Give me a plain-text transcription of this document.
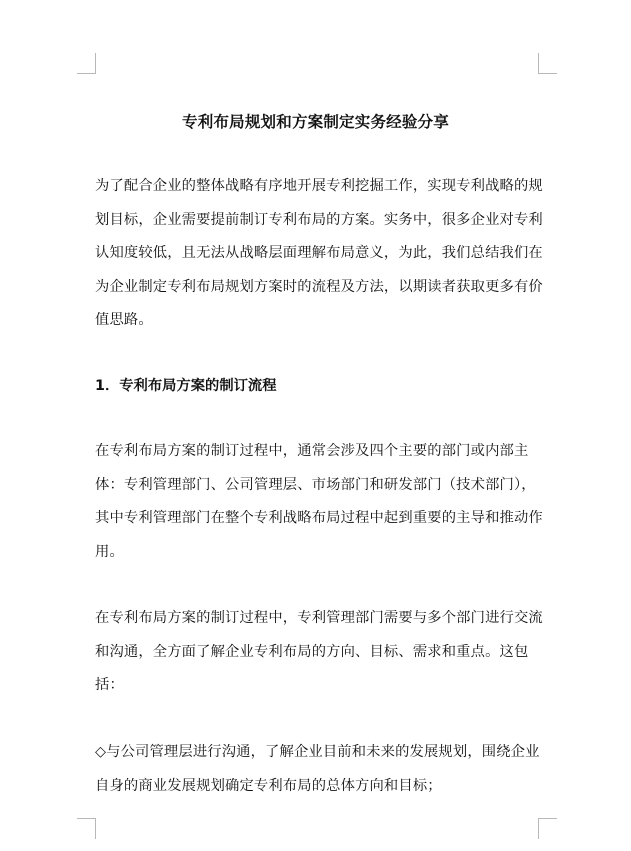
专利布局规划和方案制定实务经验分享

为了配合企业的整体战略有序地开展专利挖掘工作，实现专利战略的规划目标，企业需要提前制订专利布局的方案。实务中，很多企业对专利认知度较低，且无法从战略层面理解布局意义，为此，我们总结我们在为企业制定专利布局规划方案时的流程及方法，以期读者获取更多有价值思路。

1．专利布局方案的制订流程

在专利布局方案的制订过程中，通常会涉及四个主要的部门或内部主体：专利管理部门、公司管理层、市场部门和研发部门（技术部门），其中专利管理部门在整个专利战略布局过程中起到重要的主导和推动作用。

在专利布局方案的制订过程中，专利管理部门需要与多个部门进行交流和沟通，全方面了解企业专利布局的方向、目标、需求和重点。这包括：

◇与公司管理层进行沟通，了解企业目前和未来的发展规划，围绕企业自身的商业发展规划确定专利布局的总体方向和目标；
